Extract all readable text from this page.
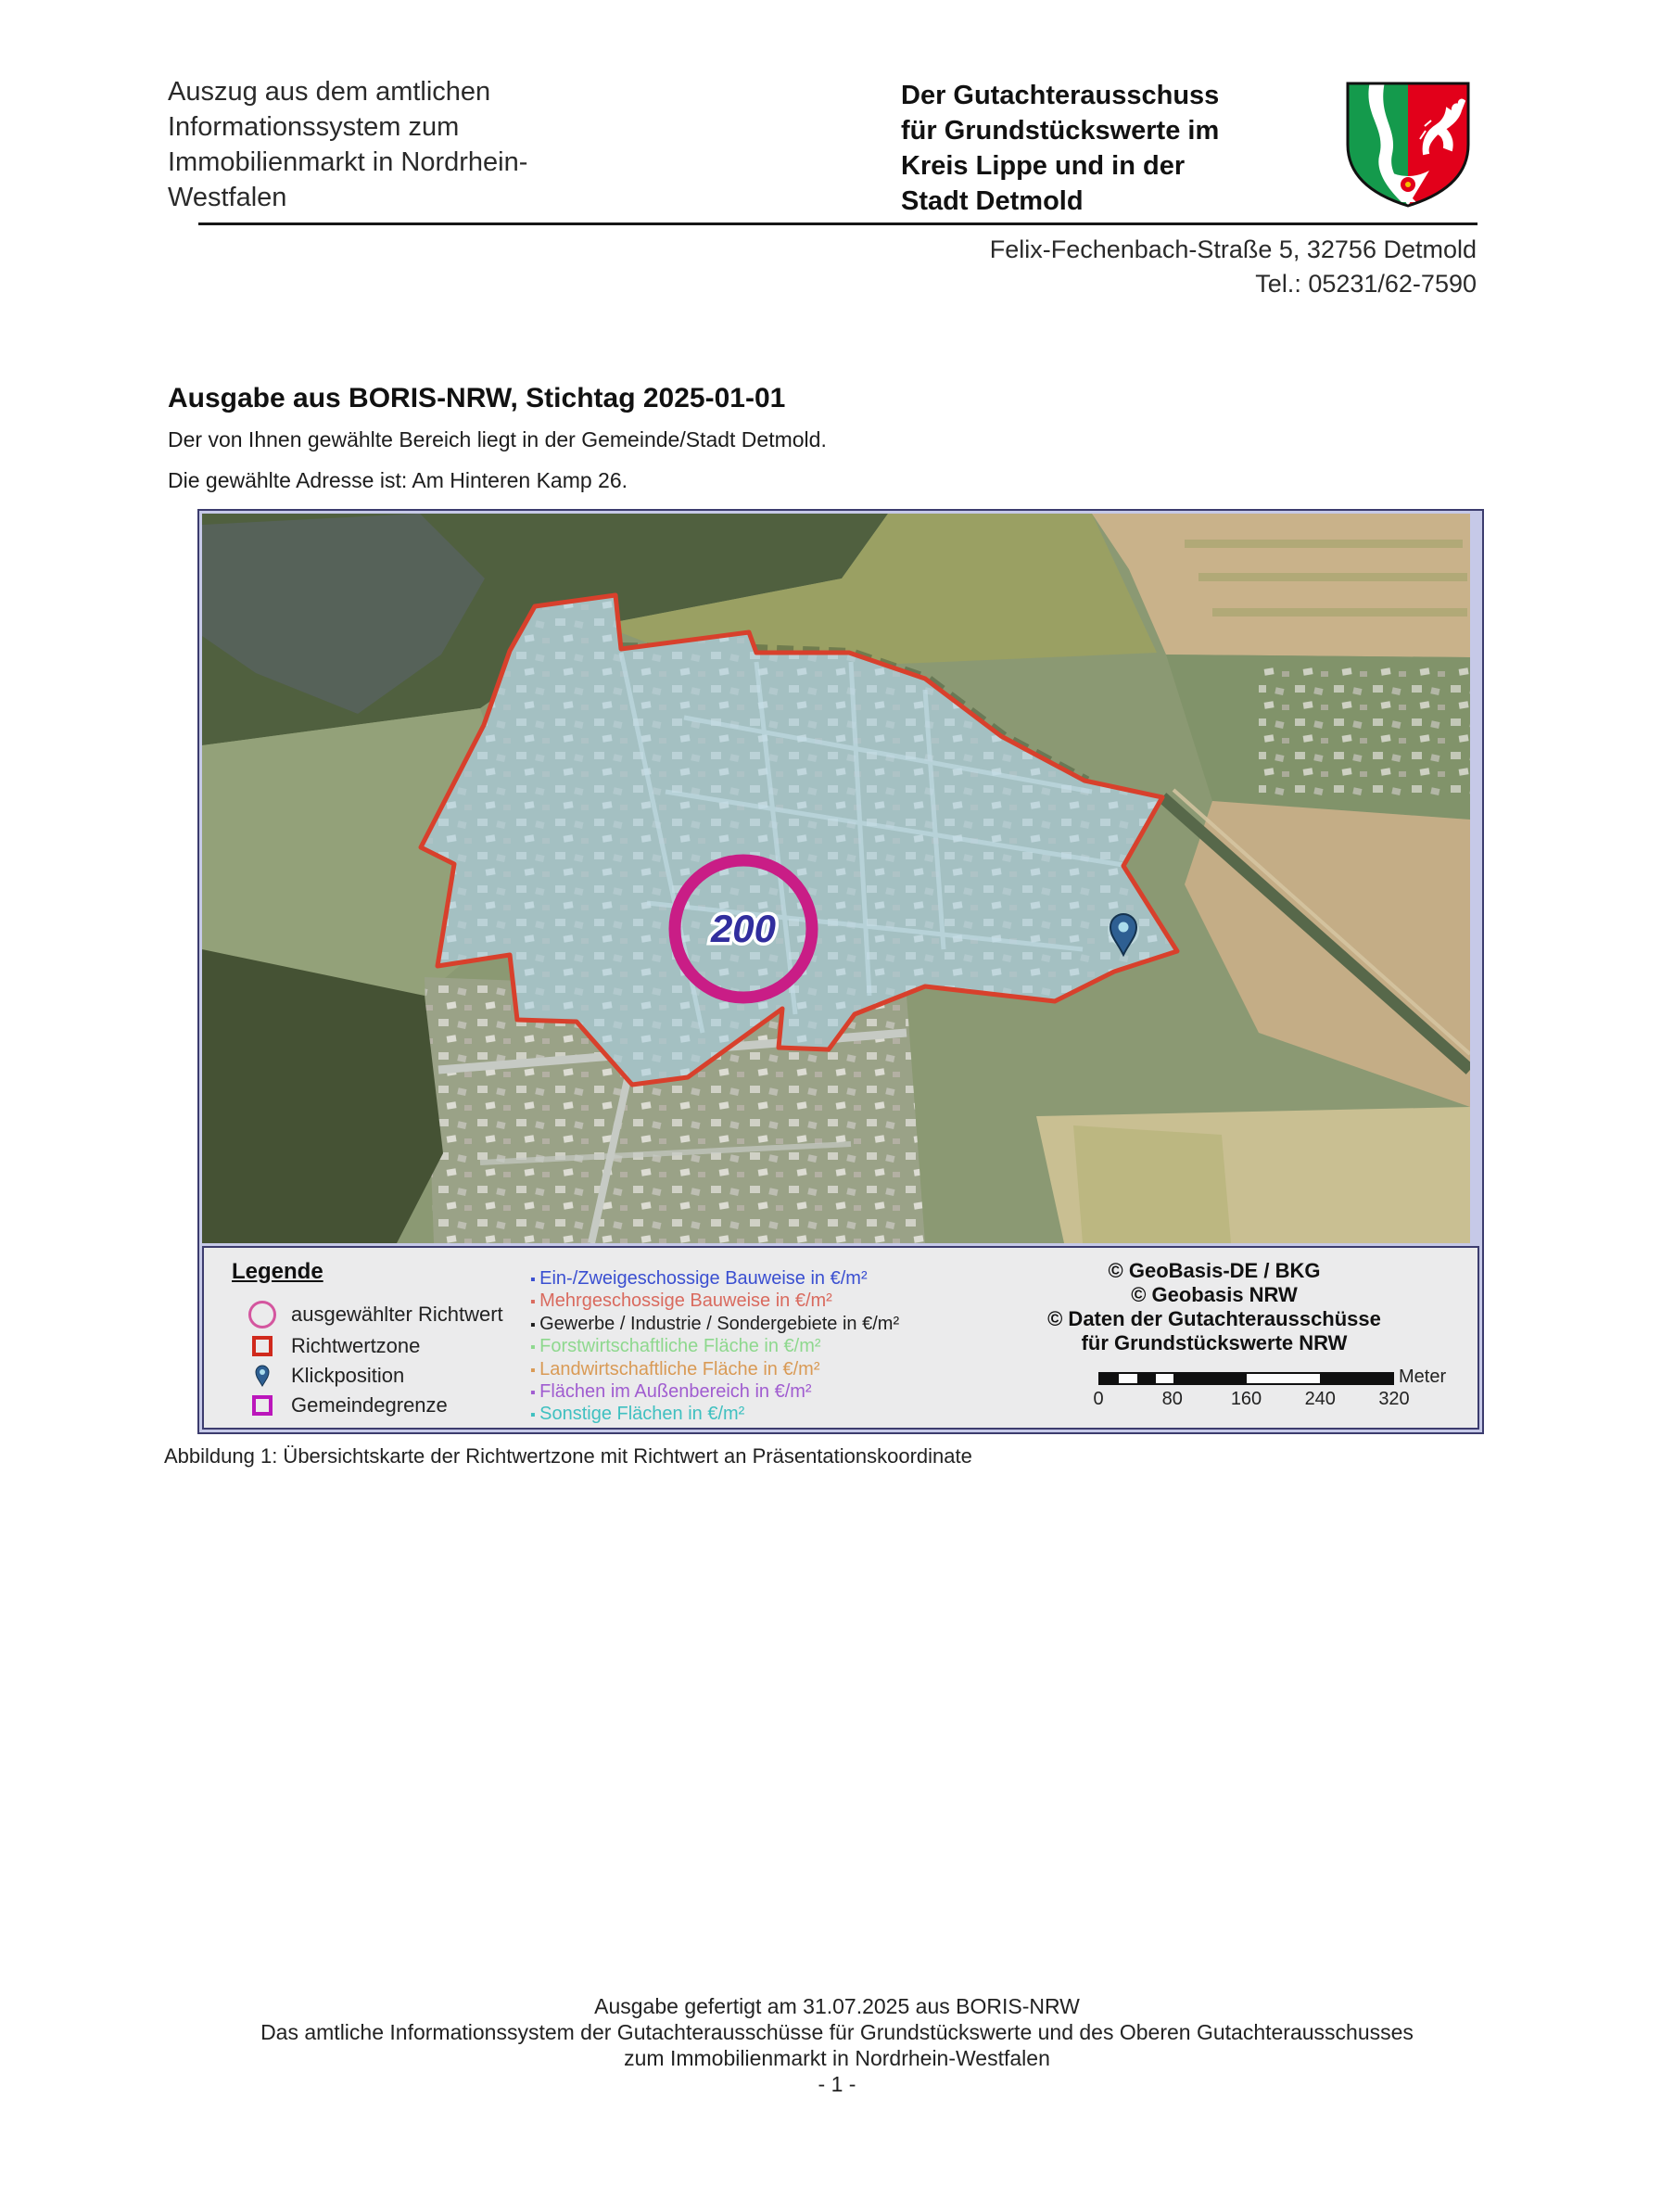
Auszug aus dem amtlichen
Informationssystem zum
Immobilienmarkt in Nordrhein-
Westfalen
Der Gutachterausschuss
für Grundstückswerte im
Kreis Lippe und in der
Stadt Detmold
Felix-Fechenbach-Straße 5, 32756 Detmold
Tel.: 05231/62-7590
Ausgabe aus BORIS-NRW, Stichtag 2025-01-01
Der von Ihnen gewählte Bereich liegt in der Gemeinde/Stadt Detmold.
Die gewählte Adresse ist: Am Hinteren Kamp 26.
200
Legende
ausgewählter Richtwert
Richtwertzone
Klickposition
Gemeindegrenze
▪ Ein-/Zweigeschossige Bauweise in €/m²
▪ Mehrgeschossige Bauweise in €/m²
▪ Gewerbe / Industrie / Sondergebiete in €/m²
▪ Forstwirtschaftliche Fläche in €/m²
▪ Landwirtschaftliche Fläche in €/m²
▪ Flächen im Außenbereich in €/m²
▪ Sonstige Flächen in €/m²
© GeoBasis-DE / BKG
© Geobasis NRW
© Daten der Gutachterausschüsse
für Grundstückswerte NRW
0	80	160 240 320
Meter
Abbildung 1: Übersichtskarte der Richtwertzone mit Richtwert an Präsentationskoordinate
Ausgabe gefertigt am 31.07.2025 aus BORIS-NRW
Das amtliche Informationssystem der Gutachterausschüsse für Grundstückswerte und des Oberen Gutachterausschusses
zum Immobilienmarkt in Nordrhein-Westfalen
- 1 -
